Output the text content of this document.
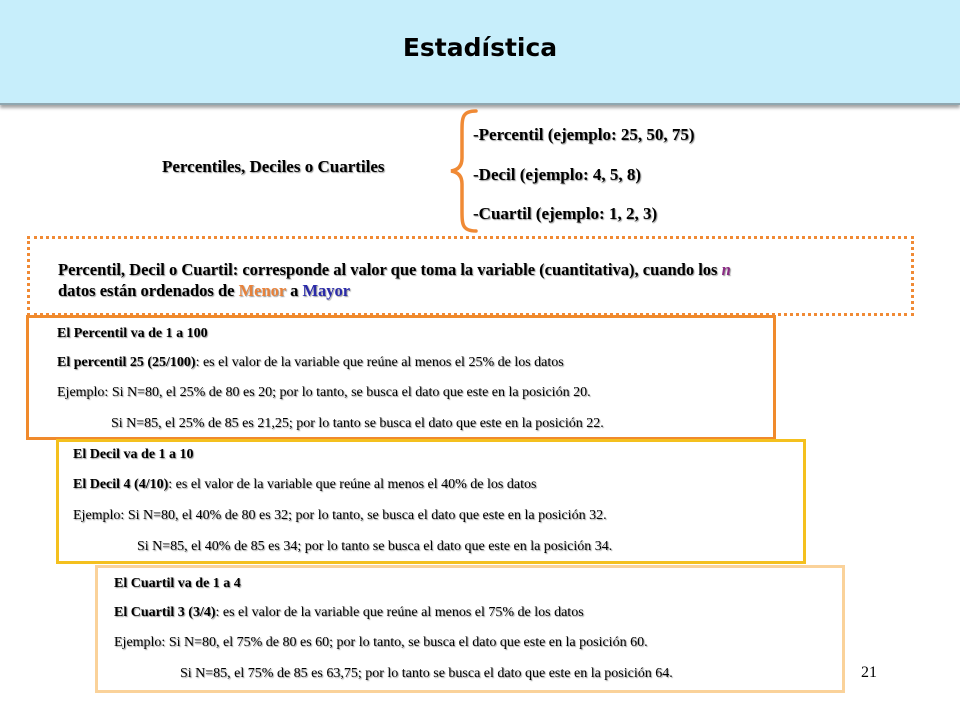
Estadística
Percentiles, Deciles o Cuartiles
-Percentil (ejemplo: 25, 50, 75)
-Decil (ejemplo: 4, 5, 8)
-Cuartil (ejemplo: 1, 2, 3)
Percentil, Decil o Cuartil: corresponde al valor que toma la variable (cuantitativa), cuando los n
datos están ordenados de Menor a Mayor
El Percentil va de 1 a 100
El percentil 25 (25/100): es el valor de la variable que reúne al menos el 25% de los datos
Ejemplo: Si N=80, el 25% de 80 es 20; por lo tanto, se busca el dato que este en la posición 20.
Si N=85, el 25% de 85 es 21,25; por lo tanto se busca el dato que este en la posición 22.
El Decil va de 1 a 10
El Decil 4 (4/10): es el valor de la variable que reúne al menos el 40% de los datos
Ejemplo: Si N=80, el 40% de 80 es 32; por lo tanto, se busca el dato que este en la posición 32.
Si N=85, el 40% de 85 es 34; por lo tanto se busca el dato que este en la posición 34.
El Cuartil va de 1 a 4
El Cuartil 3 (3/4): es el valor de la variable que reúne al menos el 75% de los datos
Ejemplo: Si N=80, el 75% de 80 es 60; por lo tanto, se busca el dato que este en la posición 60.
Si N=85, el 75% de 85 es 63,75; por lo tanto se busca el dato que este en la posición 64.	21
